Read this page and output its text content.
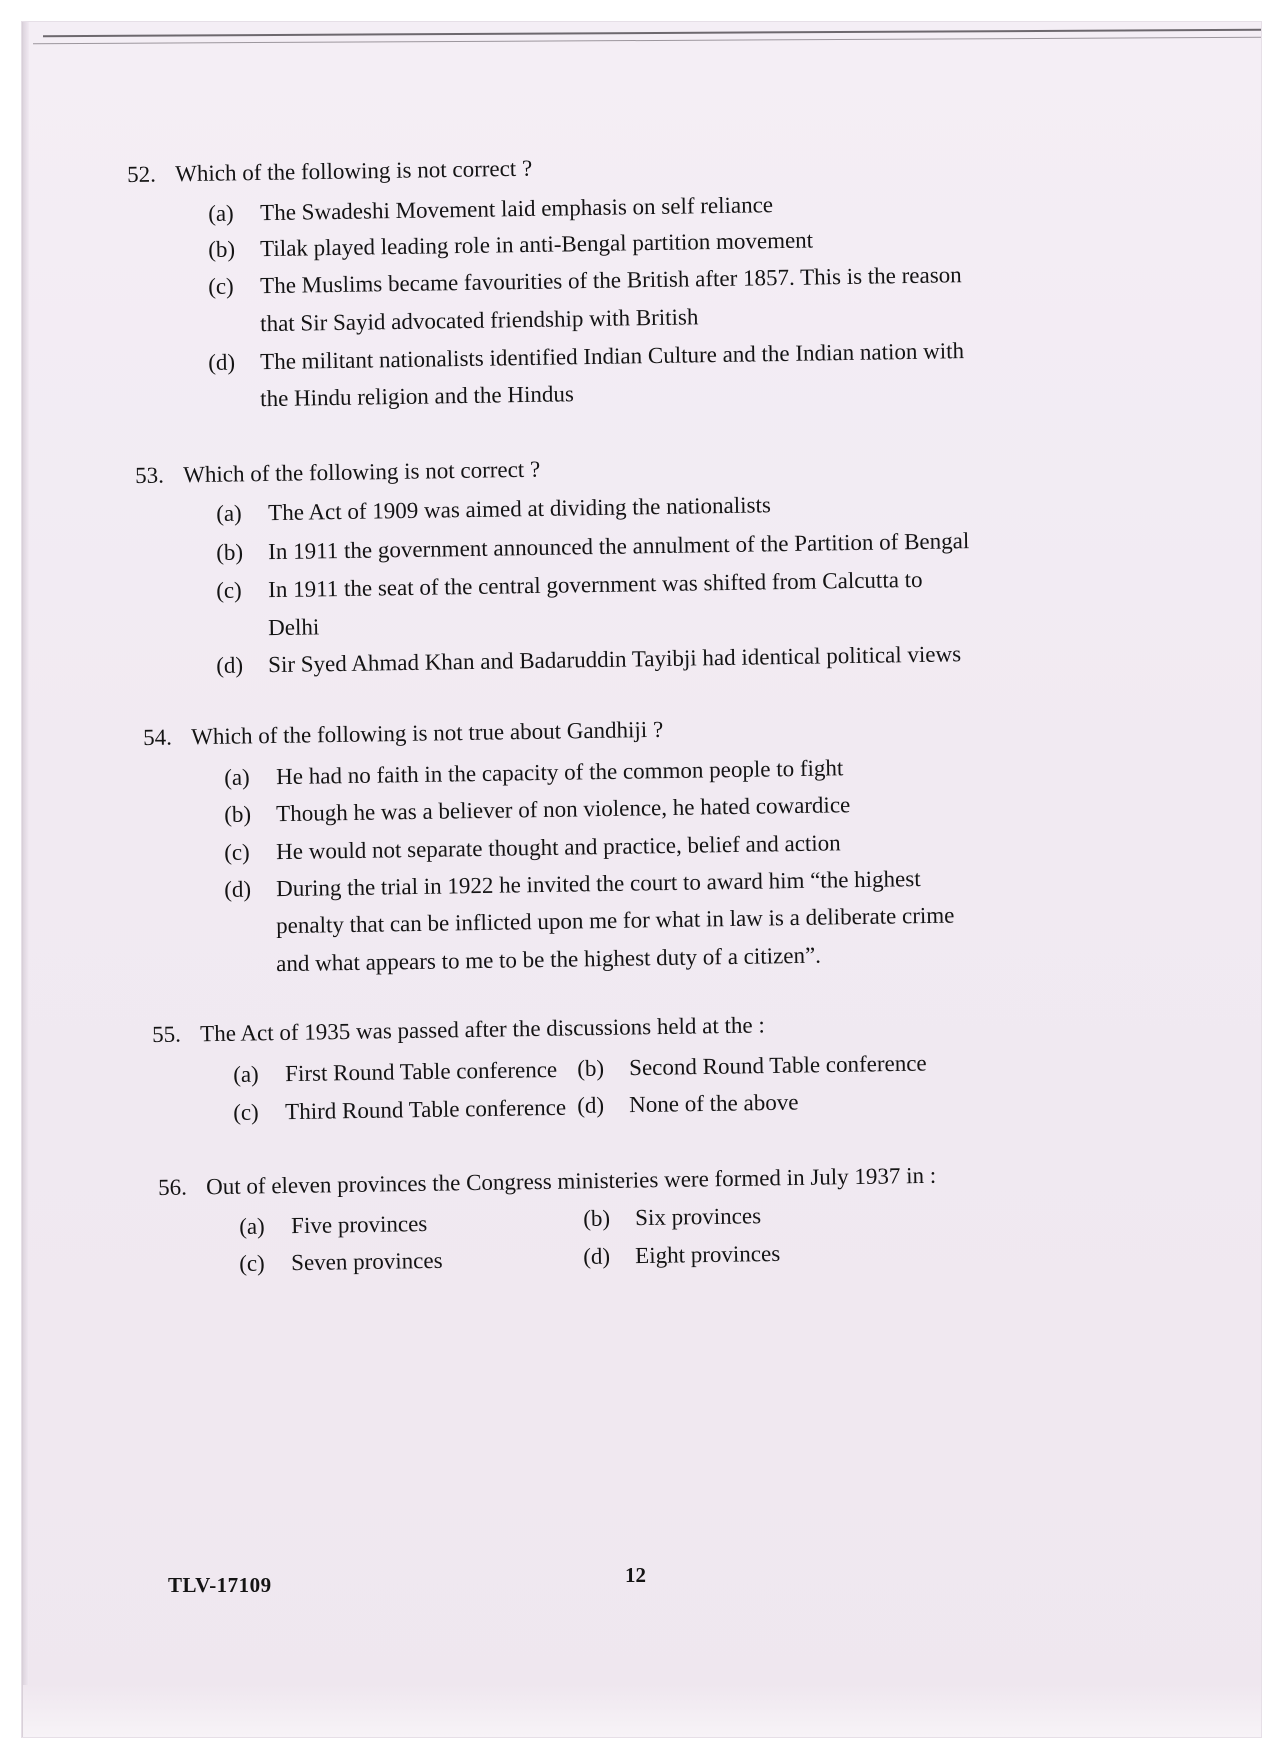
52. Which of the following is not correct ?
(a) The Swadeshi Movement laid emphasis on self reliance
(b) Tilak played leading role in anti-Bengal partition movement
(c) The Muslims became favourities of the British after 1857. This is the reason
that Sir Sayid advocated friendship with British
(d) The militant nationalists identified Indian Culture and the Indian nation with
the Hindu religion and the Hindus
53. Which of the following is not correct ?
(a) The Act of 1909 was aimed at dividing the nationalists
(b) In 1911 the government announced the annulment of the Partition of Bengal
(c) In 1911 the seat of the central government was shifted from Calcutta to
Delhi
(d) Sir Syed Ahmad Khan and Badaruddin Tayibji had identical political views
54. Which of the following is not true about Gandhiji ?
(a) He had no faith in the capacity of the common people to fight
(b) Though he was a believer of non violence, he hated cowardice
(c) He would not separate thought and practice, belief and action
(d) During the trial in 1922 he invited the court to award him “the highest
penalty that can be inflicted upon me for what in law is a deliberate crime
and what appears to me to be the highest duty of a citizen”.
55. The Act of 1935 was passed after the discussions held at the :
(a) First Round Table conference (b) Second Round Table conference
(c) Third Round Table conference (d) None of the above
56. Out of eleven provinces the Congress ministeries were formed in July 1937 in :
(a) Five provinces	(b) Six provinces
(c) Seven provinces	(d) Eight provinces
TLV-17109	12
